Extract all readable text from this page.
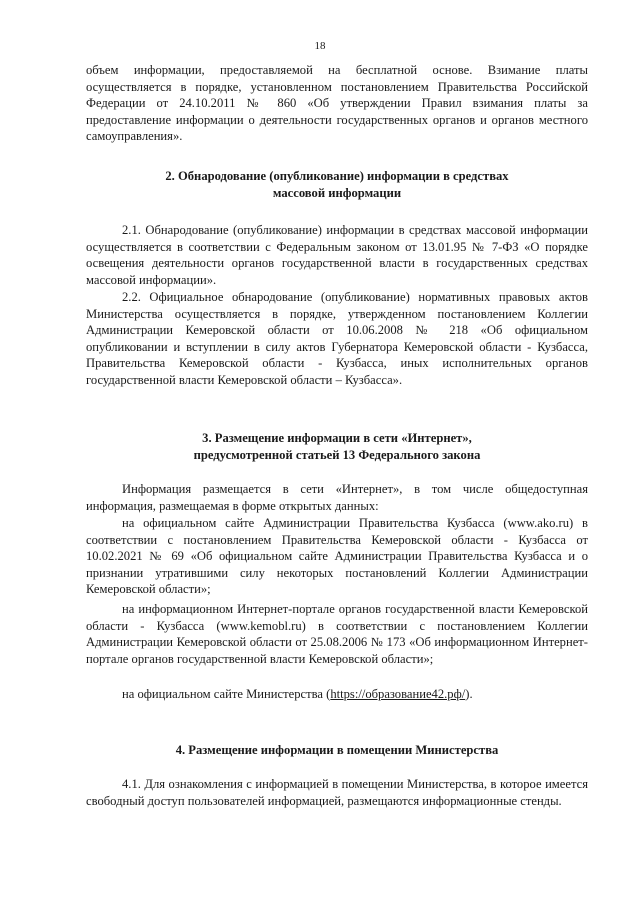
18

объем информации, предоставляемой на бесплатной основе. Взимание платы осуществляется в порядке, установленном постановлением Правительства Российской Федерации от 24.10.2011 № 860 «Об утверждении Правил взимания платы за предоставление информации о деятельности государственных органов и органов местного самоуправления».

2. Обнародование (опубликование) информации в средствах

массовой информации

2.1. Обнародование (опубликование) информации в средствах массовой информации осуществляется в соответствии с Федеральным законом от 13.01.95 № 7-ФЗ «О порядке освещения деятельности органов государственной власти в государственных средствах массовой информации».

2.2. Официальное обнародование (опубликование) нормативных правовых актов Министерства осуществляется в порядке, утвержденном постановлением Коллегии Администрации Кемеровской области от 10.06.2008 № 218 «Об официальном опубликовании и вступлении в силу актов Губернатора Кемеровской области - Кузбасса, Правительства Кемеровской области - Кузбасса, иных исполнительных органов государственной власти Кемеровской области – Кузбасса».

3. Размещение информации в сети «Интернет»,

предусмотренной статьей 13 Федерального закона

Информация размещается в сети «Интернет», в том числе общедоступная информация, размещаемая в форме открытых данных:

на официальном сайте Администрации Правительства Кузбасса (www.ako.ru) в соответствии с постановлением Правительства Кемеровской области - Кузбасса от 10.02.2021 № 69 «Об официальном сайте Администрации Правительства Кузбасса и о признании утратившими силу некоторых постановлений Коллегии Администрации Кемеровской области»;

на информационном Интернет-портале органов государственной власти Кемеровской области - Кузбасса (www.kemobl.ru) в соответствии с постановлением Коллегии Администрации Кемеровской области от 25.08.2006 № 173 «Об информационном Интернет-портале органов государственной власти Кемеровской области»;

на официальном сайте Министерства (https://образование42.рф/).

4. Размещение информации в помещении Министерства

4.1. Для ознакомления с информацией в помещении Министерства, в которое имеется свободный доступ пользователей информацией, размещаются информационные стенды.
